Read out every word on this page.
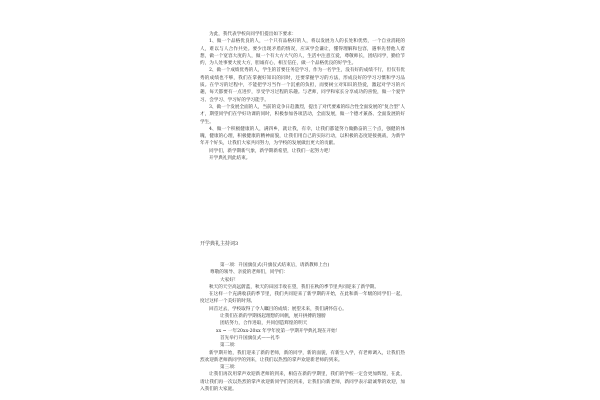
为此，我代表学校向同学们提出如下要求：

1、做一个品格优良的人，一个只有品格好的人，将以发展为人的长处和优势，一个自业消耗的人，难以与人合作共处。要少出现矛盾的情况，应该学会谦让，懂得理解和包容，遇事先替他人着想，做一个宽容大度的人，做一个有大方大气的人，生活中注意互爱，尊敬师长，团结同学，勤俭节约，为人处事要大度大方，胆诚有心，相互信任，做一个品格优良的好学生。

2、做一个成绩优秀的人，学生的首要任务是学习，作为一名学生，没有好的成绩不行，但仅有优秀的成绩也不够，我们在掌握好知识的同时，还要掌握学习的方法，形成良好的学习习惯和学习品质。在学习的过程中，不能把学习当作一个沉重的负担，而要树立对知识的热爱，激起对学习的兴趣，每天都要有一点进步，享受学习过程的乐趣。与老师，同学和家长分享成功的喜悦，做一个爱学习、会学习、学习好的学习能手。

3、做一个发展全面的人，当前的竞争日趋激烈，提出了对代要素的综合性全面发展的“复合型”人才，期望同学们在学好功课的同时，积极参加各项活动，全面发展，做一个德才兼备、全面发展的好学生。

4、做一个积极健康的人，满四乡，就让我，有幸，让我们都能努力做勤奋的三个点，强健的体魄，健康的心理，积极健康的精神面貌，让我们用自己的实际行动，以积极的态度迎接挑战，为新学年开个好头，让我们大家共同努力，为学校的发展做出更大的贡献。

同学们，新学期新气象，新学期新希望，让我们一起努力吧！

开学典礼到此结束。

开学典礼主持词3

第一项：升国旗仪式(升旗仪式结束后，请新教师上台)

尊敬的领导、亲爱的老师们，同学们：

大家好！

秋天的天空高远蔚蓝，秋天的田园丰收在望，我们在秋的季节里共同迎来了新学期。

在这样一个充满收获的季节里，我们共同迎来了新学期的开始，在此和新一年级的同学们一起，度过这样一个美好的时刻。

回首过去，学校取得了令人瞩目的成绩；展望未来，我们满怀信心。

让我们在新的学期扬起理想的风帆，展开拼搏的翅膀

团结努力，合作进取，共同创造辉煌的明天

xx ~ 一年20xx-20xx 年学年度第一学期开学典礼现在开始！

首先举行升国旗仪式——礼毕

第二项：

新学期开始，我们迎来了新的老师，新的同学，新的面貌，有新生入学，有老师调入，让我们热烈欢迎新老师新同学的到来，让我们以热烈的掌声欢迎新老师的到来。

第三项：

让我们再次用掌声欢迎新老师的到来，相信在新的学期里，我们的学校一定会更加辉煌，在此，请让我们再一次以热烈的掌声欢迎新同学们的到来，让我们向新老师，新同学表示最诚挚的欢迎，加入我们的大家庭。
